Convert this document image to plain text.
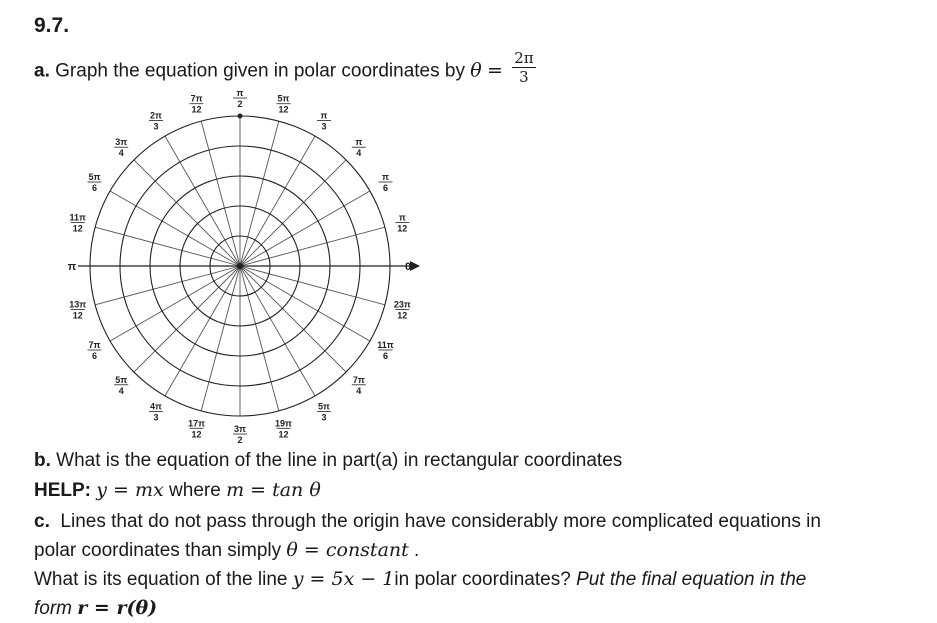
9.7.
a. Graph the equation given in polar coordinates by $\theta = \frac{2\pi}{3}$
0
π
12
π
6
π
4
π
3
5π
12
π
2
7π
12
2π
3
3π
4
5π
6
11π
12
π
13π
12
7π
6
5π
4
4π
3
17π
12
3π
2
19π
12
5π
3
7π
4
11π
6
23π
12
b. What is the equation of the line in part(a) in rectangular coordinates
HELP: y = mx where m = tan θ
c. Lines that do not pass through the origin have considerably more complicated equations in
polar coordinates than simply θ = constant .
What is its equation of the line y = 5x − 1in polar coordinates? Put the final equation in the
form r = r(θ)
